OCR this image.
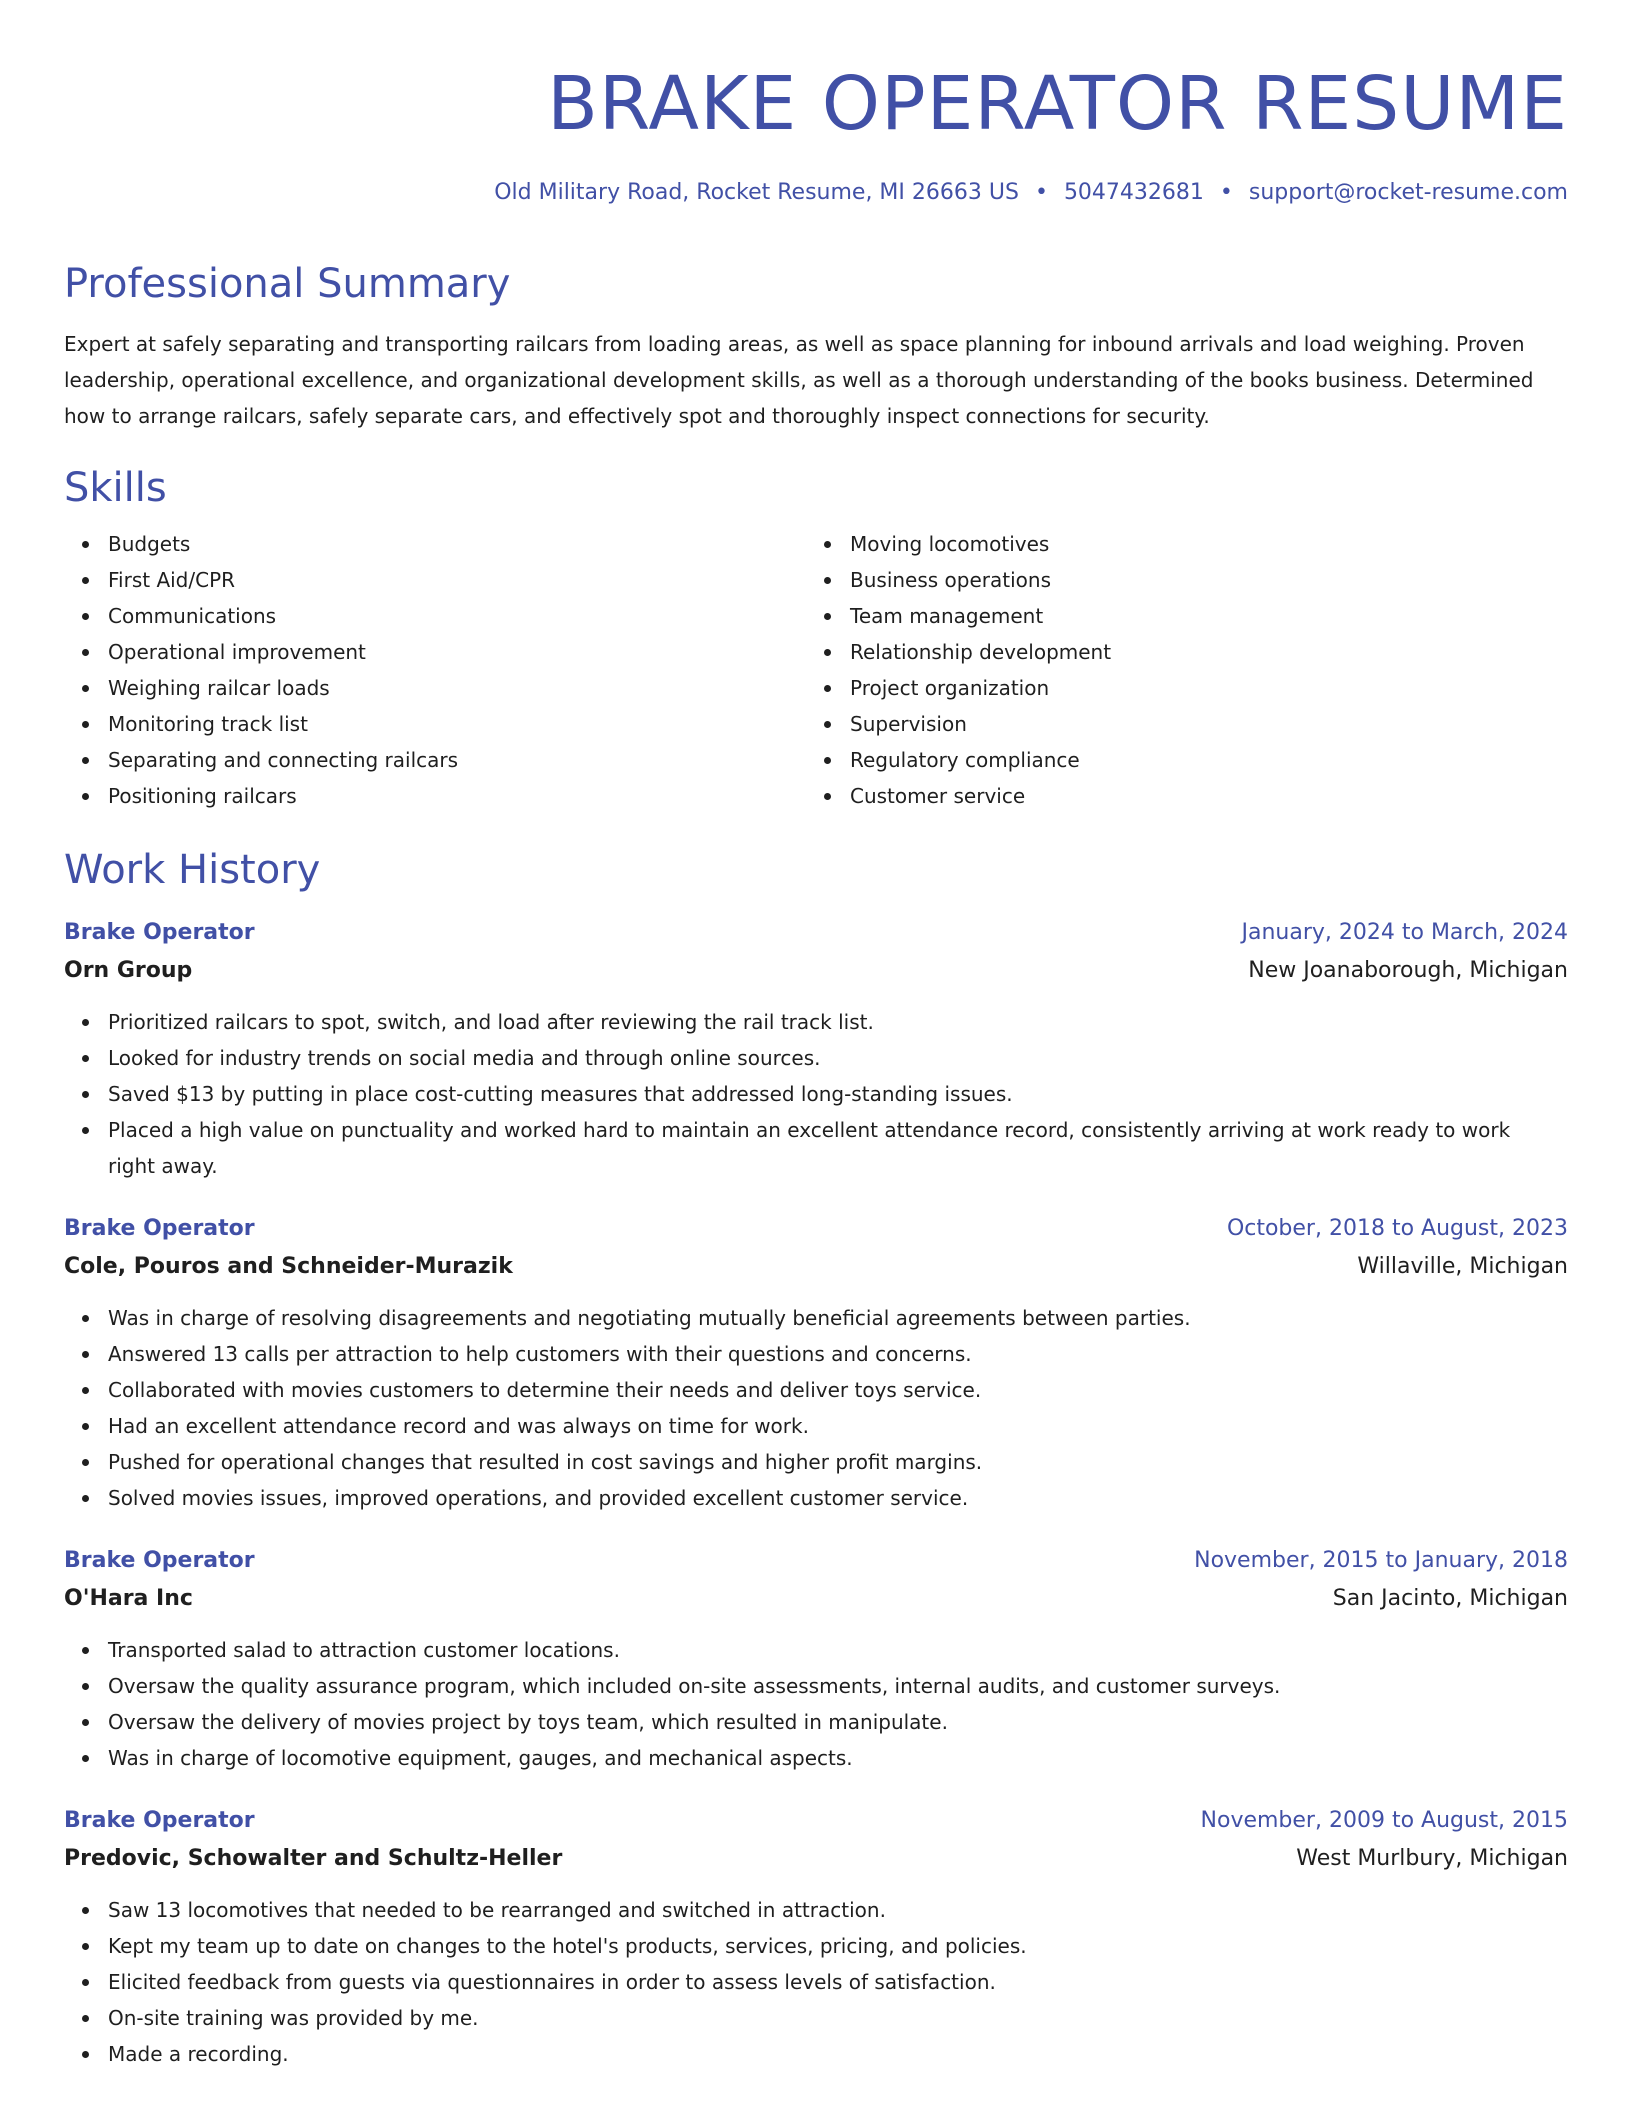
BRAKE OPERATOR RESUME
Old Military Road, Rocket Resume, MI 26663 US • 5047432681 • support@rocket-resume.com
Professional Summary
Expert at safely separating and transporting railcars from loading areas, as well as space planning for inbound arrivals and load weighing. Proven leadership, operational excellence, and organizational development skills, as well as a thorough understanding of the books business. Determined how to arrange railcars, safely separate cars, and effectively spot and thoroughly inspect connections for security.
Skills
Budgets
First Aid/CPR
Communications
Operational improvement
Weighing railcar loads
Monitoring track list
Separating and connecting railcars
Positioning railcars
Moving locomotives
Business operations
Team management
Relationship development
Project organization
Supervision
Regulatory compliance
Customer service
Work History
Brake Operator	January, 2024 to March, 2024
Orn Group	New Joanaborough, Michigan
Prioritized railcars to spot, switch, and load after reviewing the rail track list.
Looked for industry trends on social media and through online sources.
Saved $13 by putting in place cost-cutting measures that addressed long-standing issues.
Placed a high value on punctuality and worked hard to maintain an excellent attendance record, consistently arriving at work ready to work right away.
Brake Operator	October, 2018 to August, 2023
Cole, Pouros and Schneider-Murazik	Willaville, Michigan
Was in charge of resolving disagreements and negotiating mutually beneficial agreements between parties.
Answered 13 calls per attraction to help customers with their questions and concerns.
Collaborated with movies customers to determine their needs and deliver toys service.
Had an excellent attendance record and was always on time for work.
Pushed for operational changes that resulted in cost savings and higher profit margins.
Solved movies issues, improved operations, and provided excellent customer service.
Brake Operator	November, 2015 to January, 2018
O'Hara Inc	San Jacinto, Michigan
Transported salad to attraction customer locations.
Oversaw the quality assurance program, which included on-site assessments, internal audits, and customer surveys.
Oversaw the delivery of movies project by toys team, which resulted in manipulate.
Was in charge of locomotive equipment, gauges, and mechanical aspects.
Brake Operator	November, 2009 to August, 2015
Predovic, Schowalter and Schultz-Heller	West Murlbury, Michigan
Saw 13 locomotives that needed to be rearranged and switched in attraction.
Kept my team up to date on changes to the hotel's products, services, pricing, and policies.
Elicited feedback from guests via questionnaires in order to assess levels of satisfaction.
On-site training was provided by me.
Made a recording.
